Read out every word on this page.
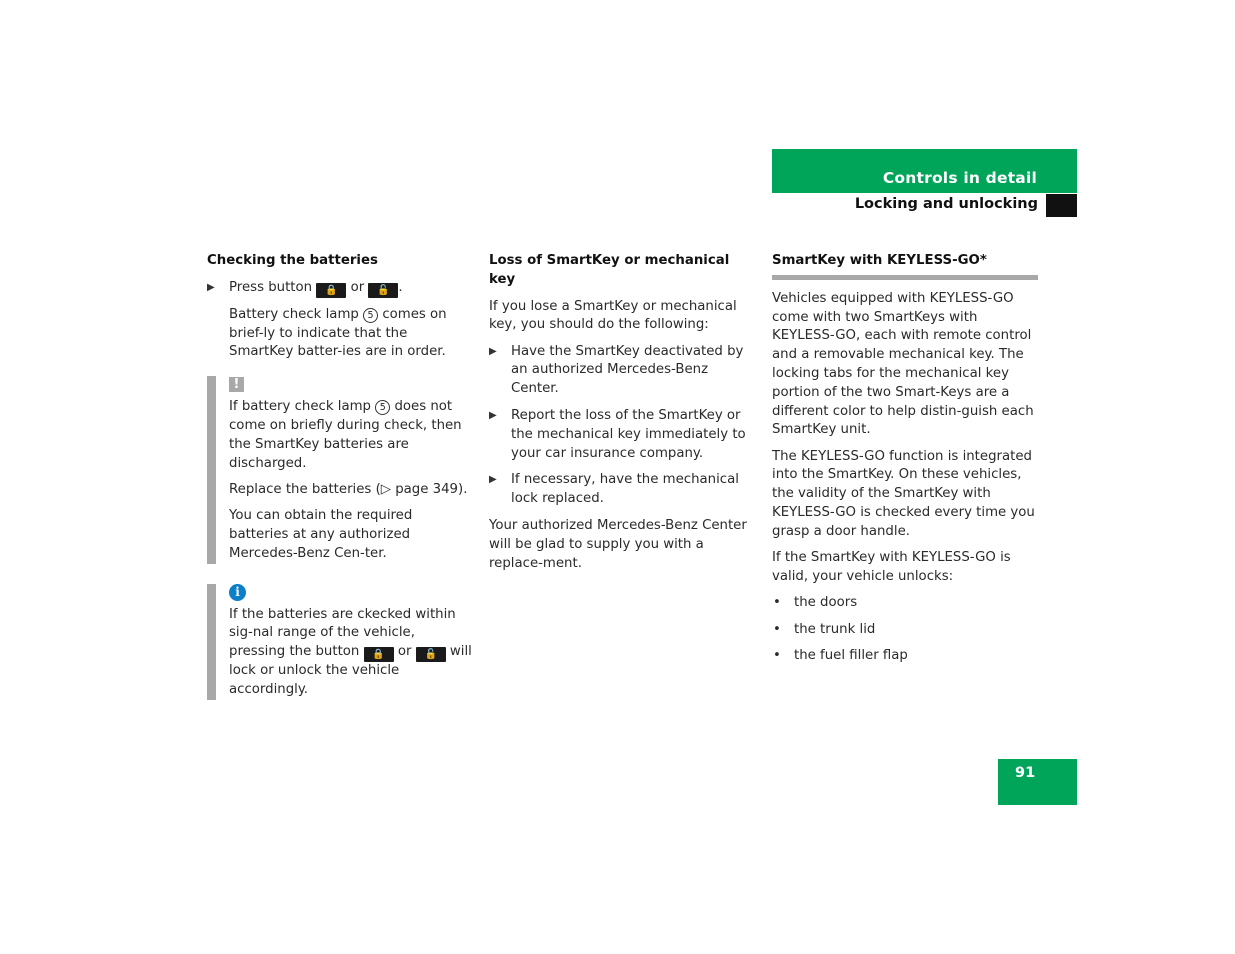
Controls in detail
Locking and unlocking
Checking the batteries
▶ Press button 🔒 or 🔓 .

Battery check lamp 5 comes on brief-ly to indicate that the SmartKey batter-ies are in order.

!

If battery check lamp 5 does not come on briefly during check, then the SmartKey batteries are discharged.

Replace the batteries (▷ page 349).

You can obtain the required batteries at any authorized Mercedes-Benz Cen-ter.

i

If the batteries are ckecked within sig-nal range of the vehicle, pressing the button 🔒 or 🔓 will lock or unlock the vehicle accordingly.

Loss of SmartKey or mechanical key

If you lose a SmartKey or mechanical key, you should do the following:

▶ Have the SmartKey deactivated by an authorized Mercedes-Benz Center.
▶ Report the loss of the SmartKey or the mechanical key immediately to your car insurance company.
▶ If necessary, have the mechanical lock replaced.

Your authorized Mercedes-Benz Center will be glad to supply you with a replace-ment.

SmartKey with KEYLESS-GO*

Vehicles equipped with KEYLESS-GO come with two SmartKeys with KEYLESS-GO, each with remote control and a removable mechanical key. The locking tabs for the mechanical key portion of the two Smart-Keys are a different color to help distin-guish each SmartKey unit.

The KEYLESS-GO function is integrated into the SmartKey. On these vehicles, the validity of the SmartKey with KEYLESS-GO is checked every time you grasp a door handle.

If the SmartKey with KEYLESS-GO is valid, your vehicle unlocks:

• the doors
• the trunk lid
• the fuel filler flap
91
